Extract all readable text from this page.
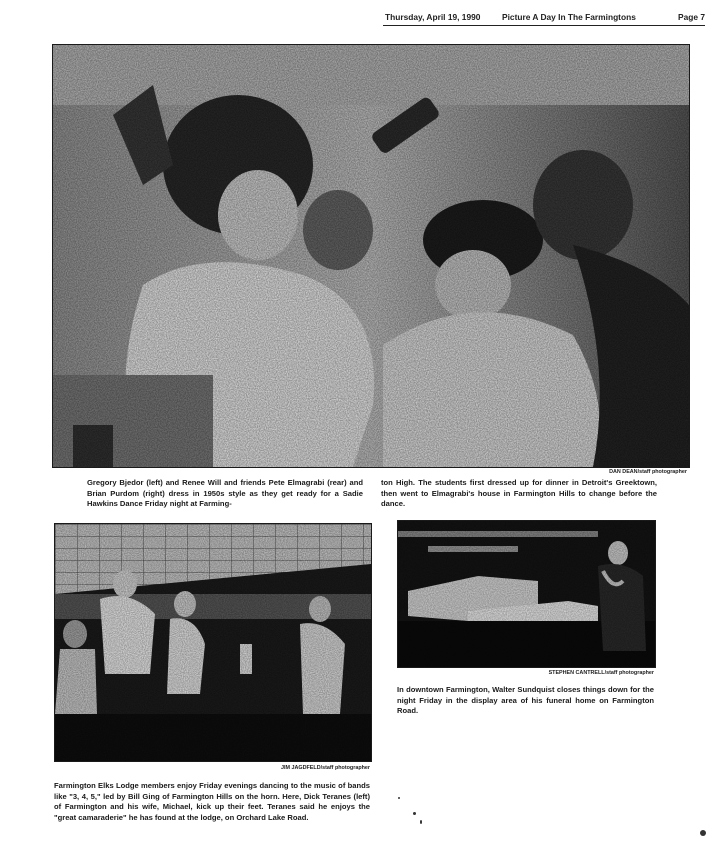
Thursday, April 19, 1990	Picture A Day In The Farmingtons	Page 7
DAN DEAN/staff photographer
Gregory Bjedor (left) and Renee Will and friends Pete Elmagrabi (rear) and Brian Purdom (right) dress in 1950s style as they get ready for a Sadie Hawkins Dance Friday night at Farming-
ton High. The students first dressed up for dinner in Detroit's Greektown, then went to Elmagrabi's house in Farmington Hills to change before the dance.
JIM JAGDFELD/staff photographer
Farmington Elks Lodge members enjoy Friday evenings dancing to the music of bands like "3, 4, 5," led by Bill Ging of Farmington Hills on the horn. Here, Dick Teranes (left) of Farmington and his wife, Michael, kick up their feet. Teranes said he enjoys the "great camaraderie" he has found at the lodge, on Orchard Lake Road.
STEPHEN CANTRELL/staff photographer
In downtown Farmington, Walter Sundquist closes things down for the night Friday in the display area of his funeral home on Farmington Road.
